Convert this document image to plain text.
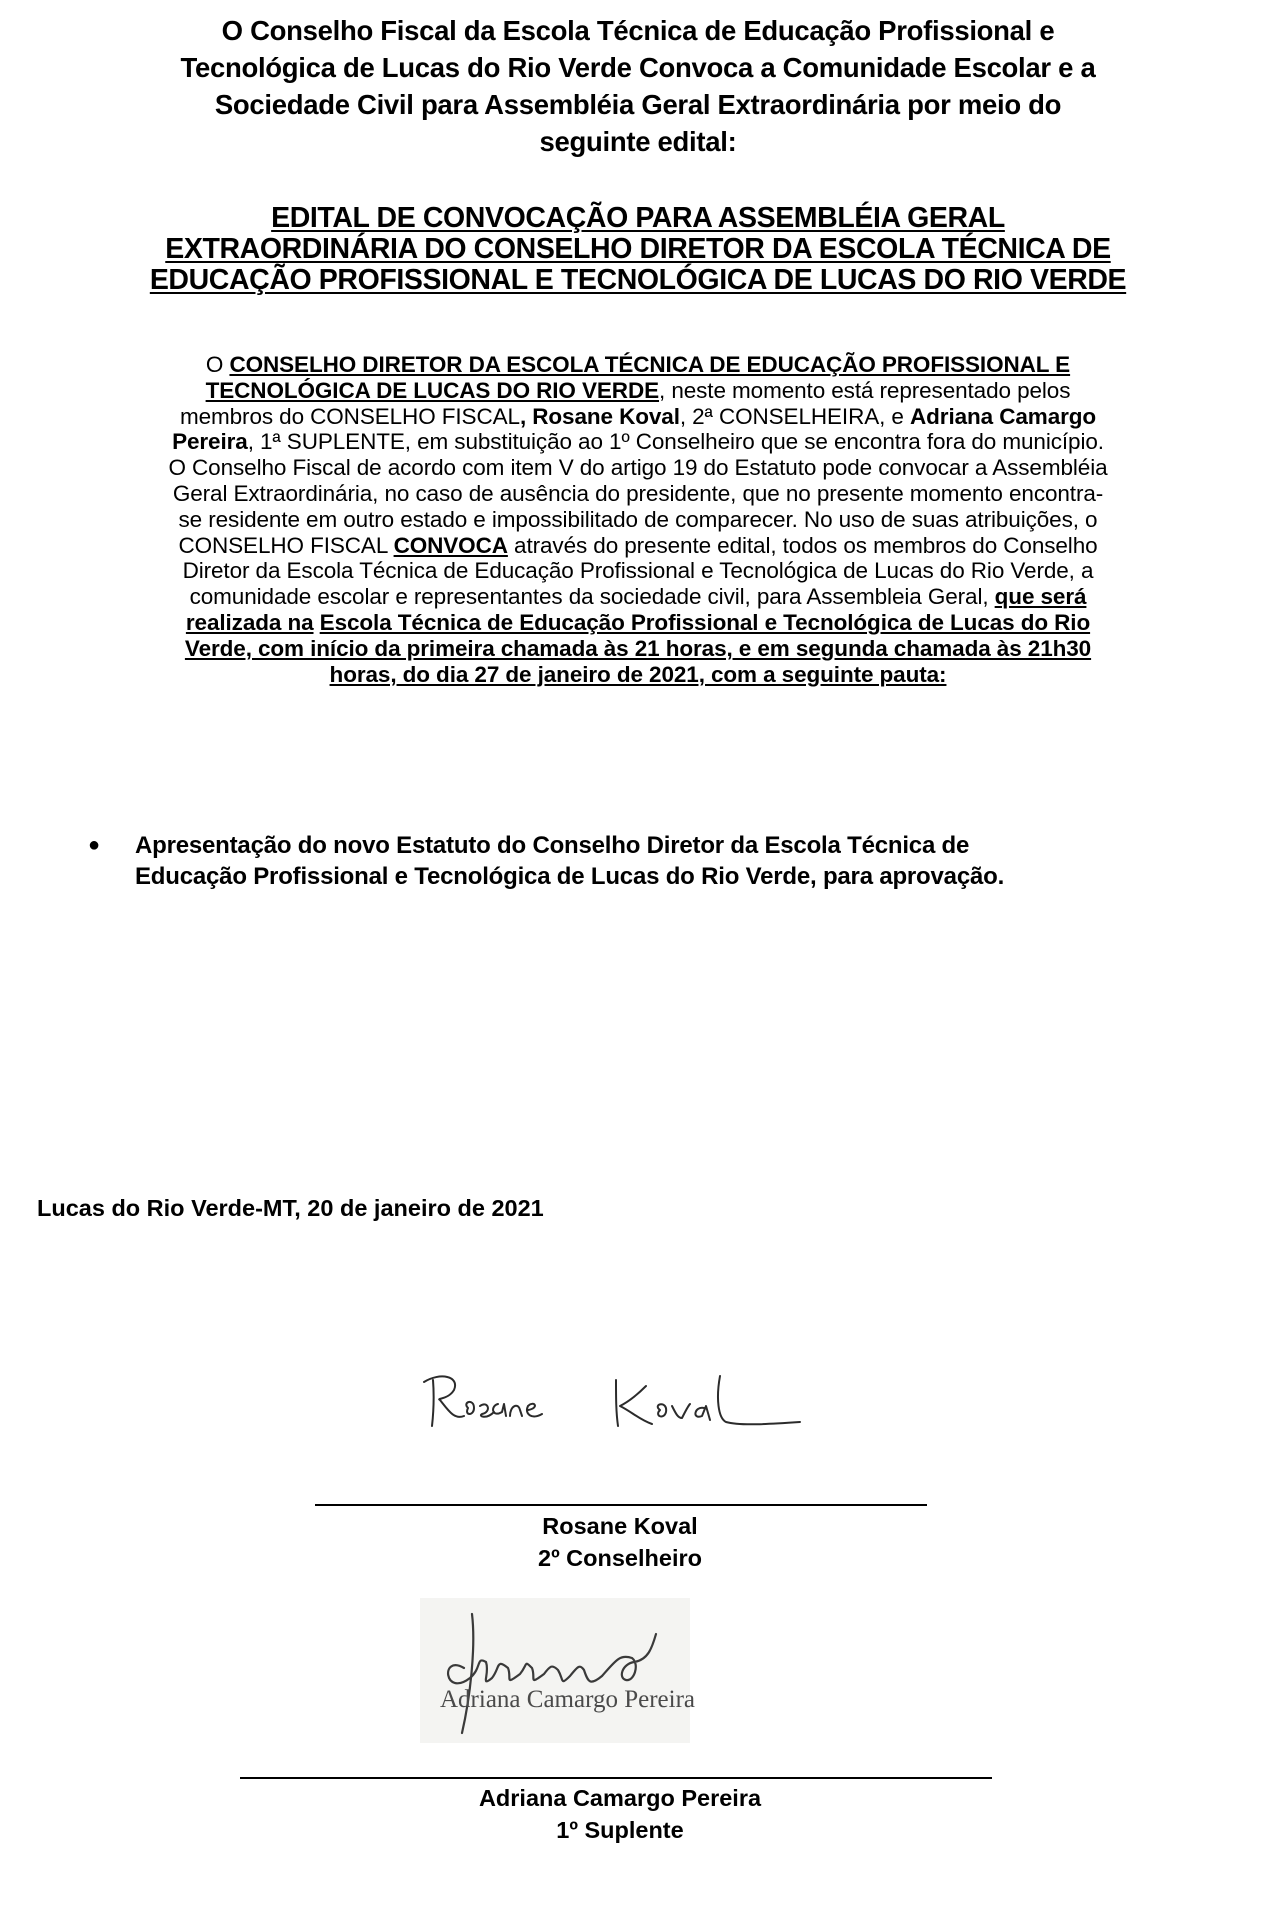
O Conselho Fiscal da Escola Técnica de Educação Profissional e
Tecnológica de Lucas do Rio Verde Convoca a Comunidade Escolar e a
Sociedade Civil para Assembléia Geral Extraordinária por meio do
seguinte edital:
EDITAL DE CONVOCAÇÃO PARA ASSEMBLÉIA GERAL
EXTRAORDINÁRIA DO CONSELHO DIRETOR DA ESCOLA TÉCNICA DE
EDUCAÇÃO PROFISSIONAL E TECNOLÓGICA DE LUCAS DO RIO VERDE
O CONSELHO DIRETOR DA ESCOLA TÉCNICA DE EDUCAÇÃO PROFISSIONAL E
TECNOLÓGICA DE LUCAS DO RIO VERDE, neste momento está representado pelos
membros do CONSELHO FISCAL, Rosane Koval, 2ª CONSELHEIRA, e Adriana Camargo
Pereira, 1ª SUPLENTE, em substituição ao 1º Conselheiro que se encontra fora do município.
O Conselho Fiscal de acordo com item V do artigo 19 do Estatuto pode convocar a Assembléia
Geral Extraordinária, no caso de ausência do presidente, que no presente momento encontra-
se residente em outro estado e impossibilitado de comparecer. No uso de suas atribuições, o
CONSELHO FISCAL CONVOCA através do presente edital, todos os membros do Conselho
Diretor da Escola Técnica de Educação Profissional e Tecnológica de Lucas do Rio Verde, a
comunidade escolar e representantes da sociedade civil, para Assembleia Geral, que será
realizada na Escola Técnica de Educação Profissional e Tecnológica de Lucas do Rio
Verde, com início da primeira chamada às 21 horas, e em segunda chamada às 21h30
horas, do dia 27 de janeiro de 2021, com a seguinte pauta:
● Apresentação do novo Estatuto do Conselho Diretor da Escola Técnica de
Educação Profissional e Tecnológica de Lucas do Rio Verde, para aprovação.
Lucas do Rio Verde-MT, 20 de janeiro de 2021
Rosane Koval
2º Conselheiro
Adriana Camargo Pereira
Adriana Camargo Pereira
1º Suplente
